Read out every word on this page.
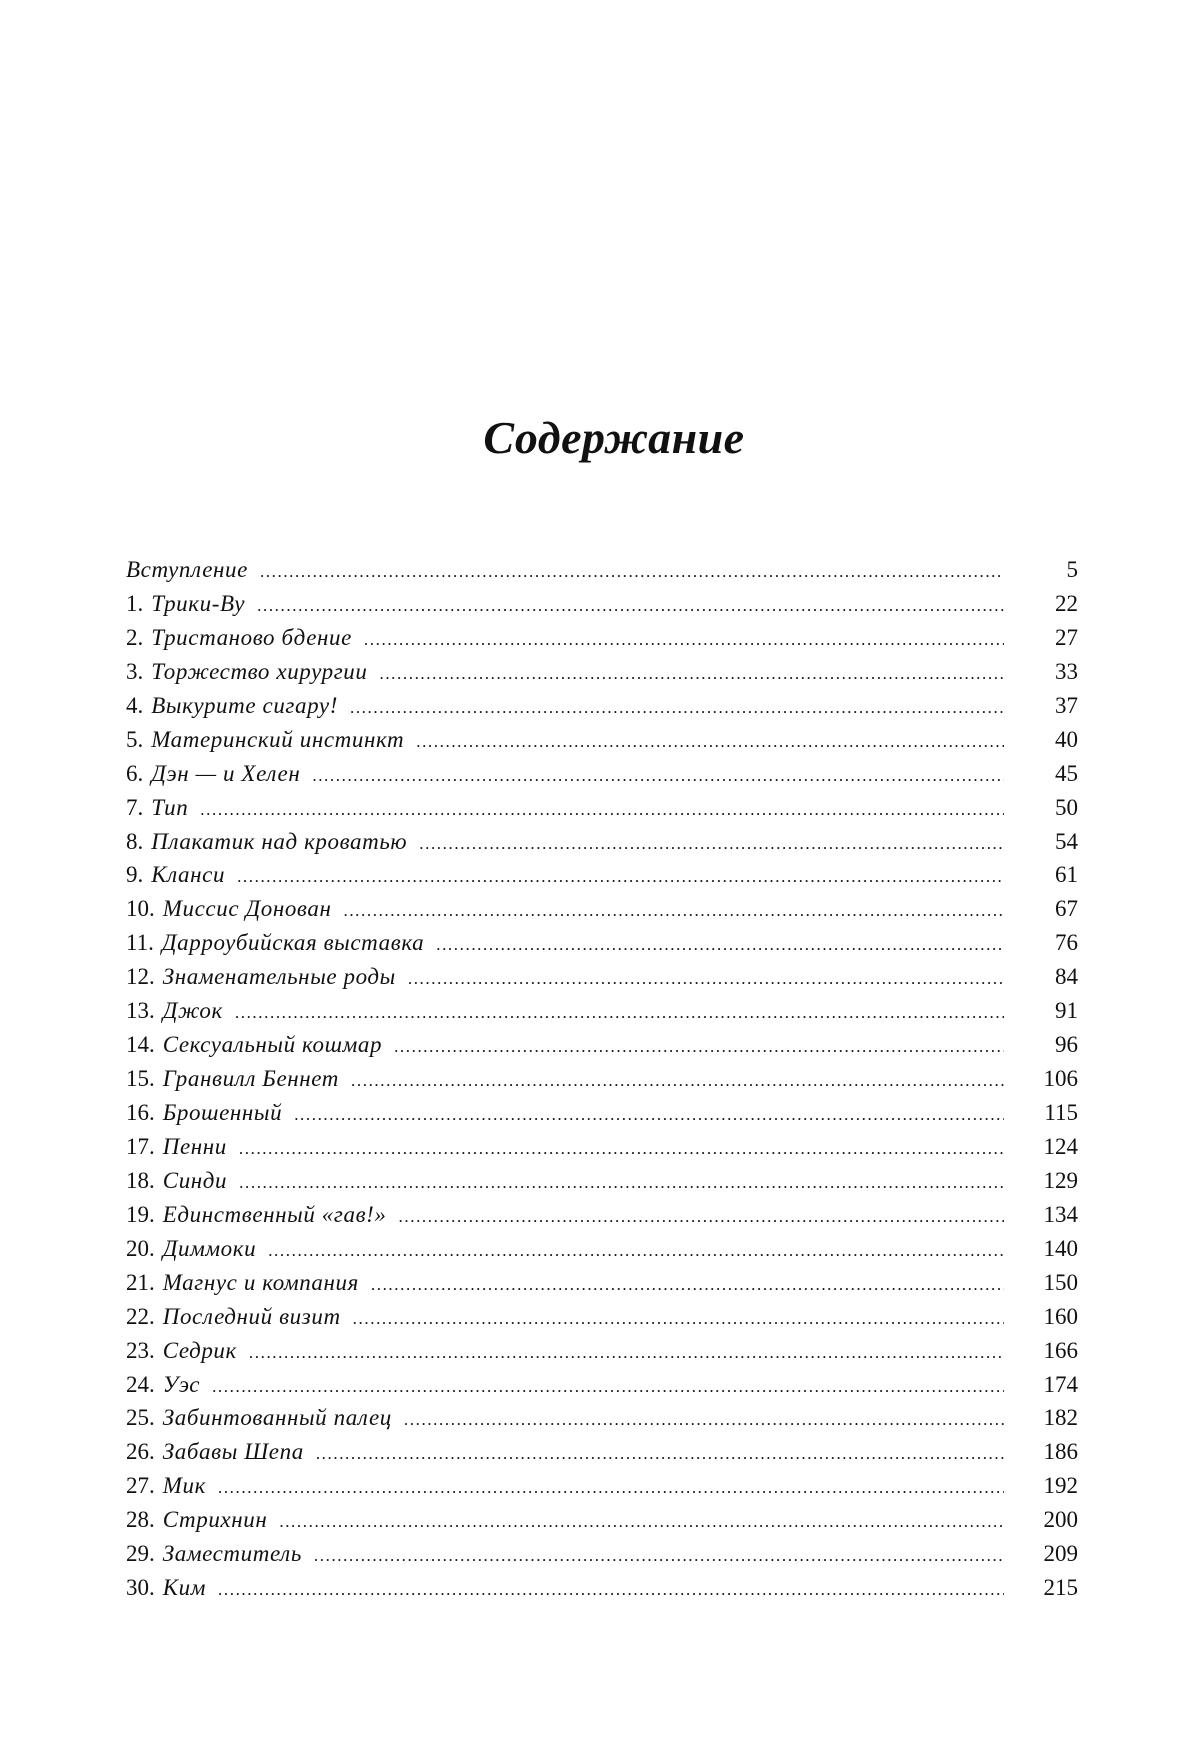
Содержание
Вступление .....	5
1. Трики-Ву .....	22
2. Тристаново бдение .....	27
3. Торжество хирургии .....	33
4. Выкурите сигару! .....	37
5. Материнский инстинкт .....	40
6. Дэн — и Хелен .....	45
7. Тип .....	50
8. Плакатик над кроватью .....	54
9. Кланси .....	61
10. Миссис Донован .....	67
11. Дарроубийская выставка .....	76
12. Знаменательные роды .....	84
13. Джок .....	91
14. Сексуальный кошмар .....	96
15. Гранвилл Беннет .....	106
16. Брошенный .....	115
17. Пенни .....	124
18. Синди .....	129
19. Единственный «гав!» .....	134
20. Диммоки .....	140
21. Магнус и компания .....	150
22. Последний визит .....	160
23. Седрик .....	166
24. Уэс .....	174
25. Забинтованный палец .....	182
26. Забавы Шепа .....	186
27. Мик .....	192
28. Стрихнин .....	200
29. Заместитель .....	209
30. Ким .....	215
